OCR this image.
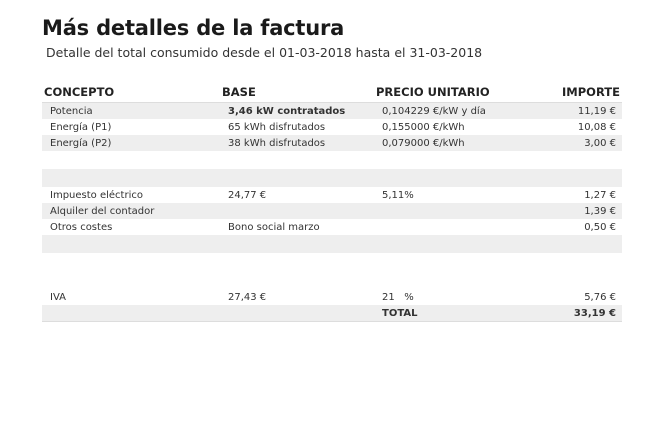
Más detalles de la factura
Detalle del total consumido desde el 01-03-2018 hasta el 31-03-2018
CONCEPTO	BASE	PRECIO UNITARIO	IMPORTE
Potencia	3,46 kW contratados	0,104229 €/kW y día	11,19 €
Energía (P1)	65 kWh disfrutados	0,155000 €/kWh	10,08 €
Energía (P2)	38 kWh disfrutados	0,079000 €/kWh	3,00 €

Impuesto eléctrico	24,77 €	5,11%	1,27 €
Alquiler del contador			1,39 €
Otros costes	Bono social marzo		0,50 €

IVA	27,43 €	21   %	5,76 €
		TOTAL	33,19 €
